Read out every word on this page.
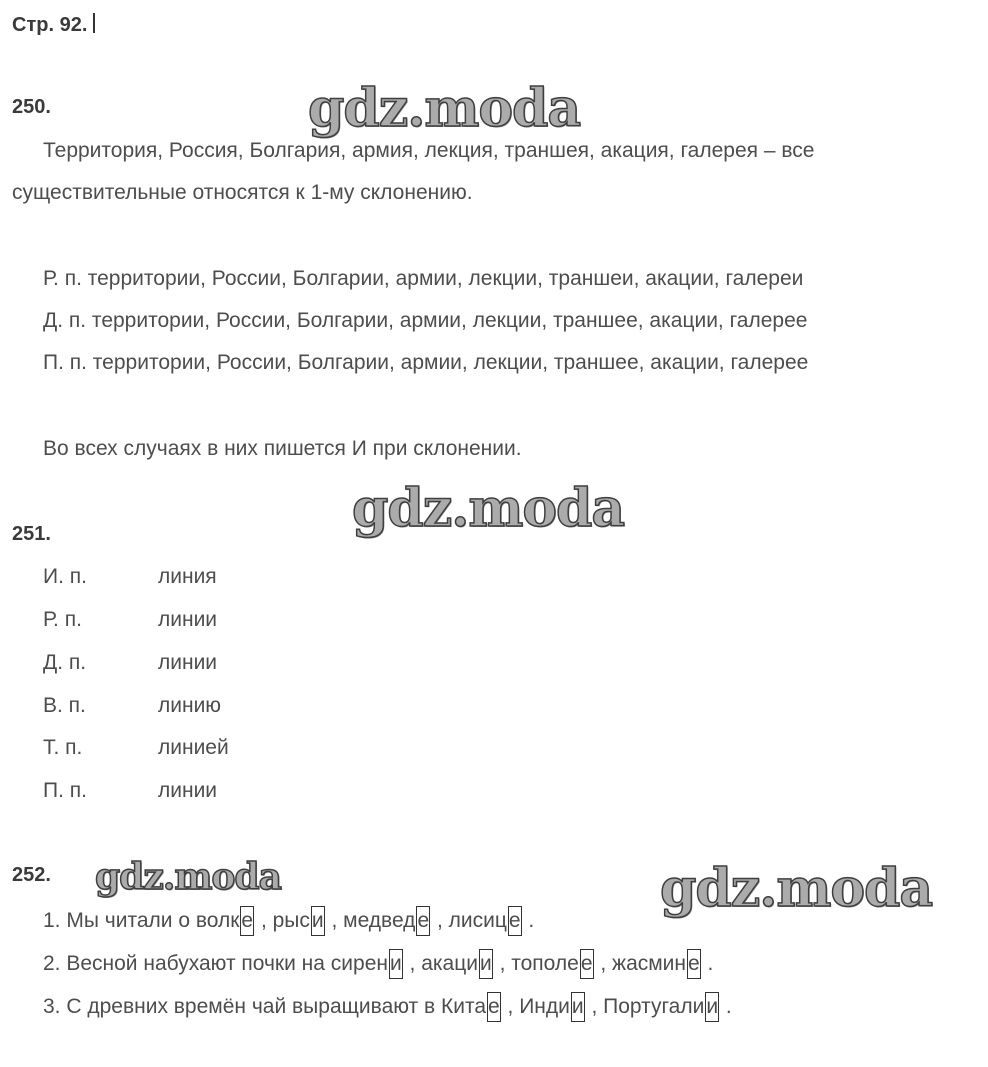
Стр. 92.
250.	gdz.moda
Территория, Россия, Болгария, армия, лекция, траншея, акация, галерея – все
существительные относятся к 1-му склонению.
Р. п. территории, России, Болгарии, армии, лекции, траншеи, акации, галереи
Д. п. территории, России, Болгарии, армии, лекции, траншее, акации, галерее
П. п. территории, России, Болгарии, армии, лекции, траншее, акации, галерее
Во всех случаях в них пишется И при склонении.
gdz.moda
251.
И. п.	линия
Р. п.	линии
Д. п.	линии
В. п.	линию
Т. п.	линией
П. п.	линии
252. gdz.moda	gdz.moda
1. Мы читали о волке , рыси , медведе , лисице .
2. Весной набухают почки на сирени , акации , тополее , жасмине .
3. С древних времён чай выращивают в Китае , Индии , Португалии .
